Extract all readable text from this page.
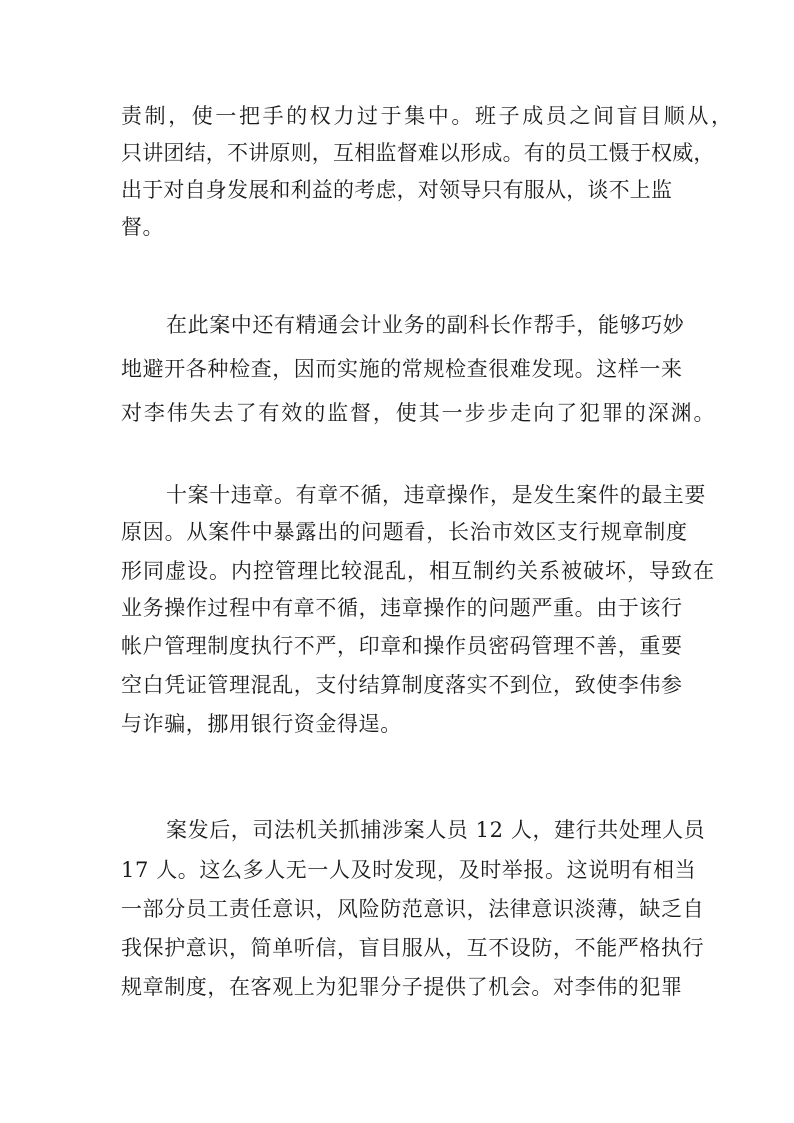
责制，使一把手的权力过于集中。班子成员之间盲目顺从，
只讲团结，不讲原则，互相监督难以形成。有的员工慑于权威，
出于对自身发展和利益的考虑，对领导只有服从，谈不上监
督。
在此案中还有精通会计业务的副科长作帮手，能够巧妙
地避开各种检查，因而实施的常规检查很难发现。这样一来
对李伟失去了有效的监督，使其一步步走向了犯罪的深渊。
十案十违章。有章不循，违章操作，是发生案件的最主要
原因。从案件中暴露出的问题看，长治市效区支行规章制度
形同虚设。内控管理比较混乱，相互制约关系被破坏，导致在
业务操作过程中有章不循，违章操作的问题严重。由于该行
帐户管理制度执行不严，印章和操作员密码管理不善，重要
空白凭证管理混乱，支付结算制度落实不到位，致使李伟参
与诈骗，挪用银行资金得逞。
案发后，司法机关抓捕涉案人员 12 人，建行共处理人员
17 人。这么多人无一人及时发现，及时举报。这说明有相当
一部分员工责任意识，风险防范意识，法律意识淡薄，缺乏自
我保护意识，简单听信，盲目服从，互不设防，不能严格执行
规章制度，在客观上为犯罪分子提供了机会。对李伟的犯罪
